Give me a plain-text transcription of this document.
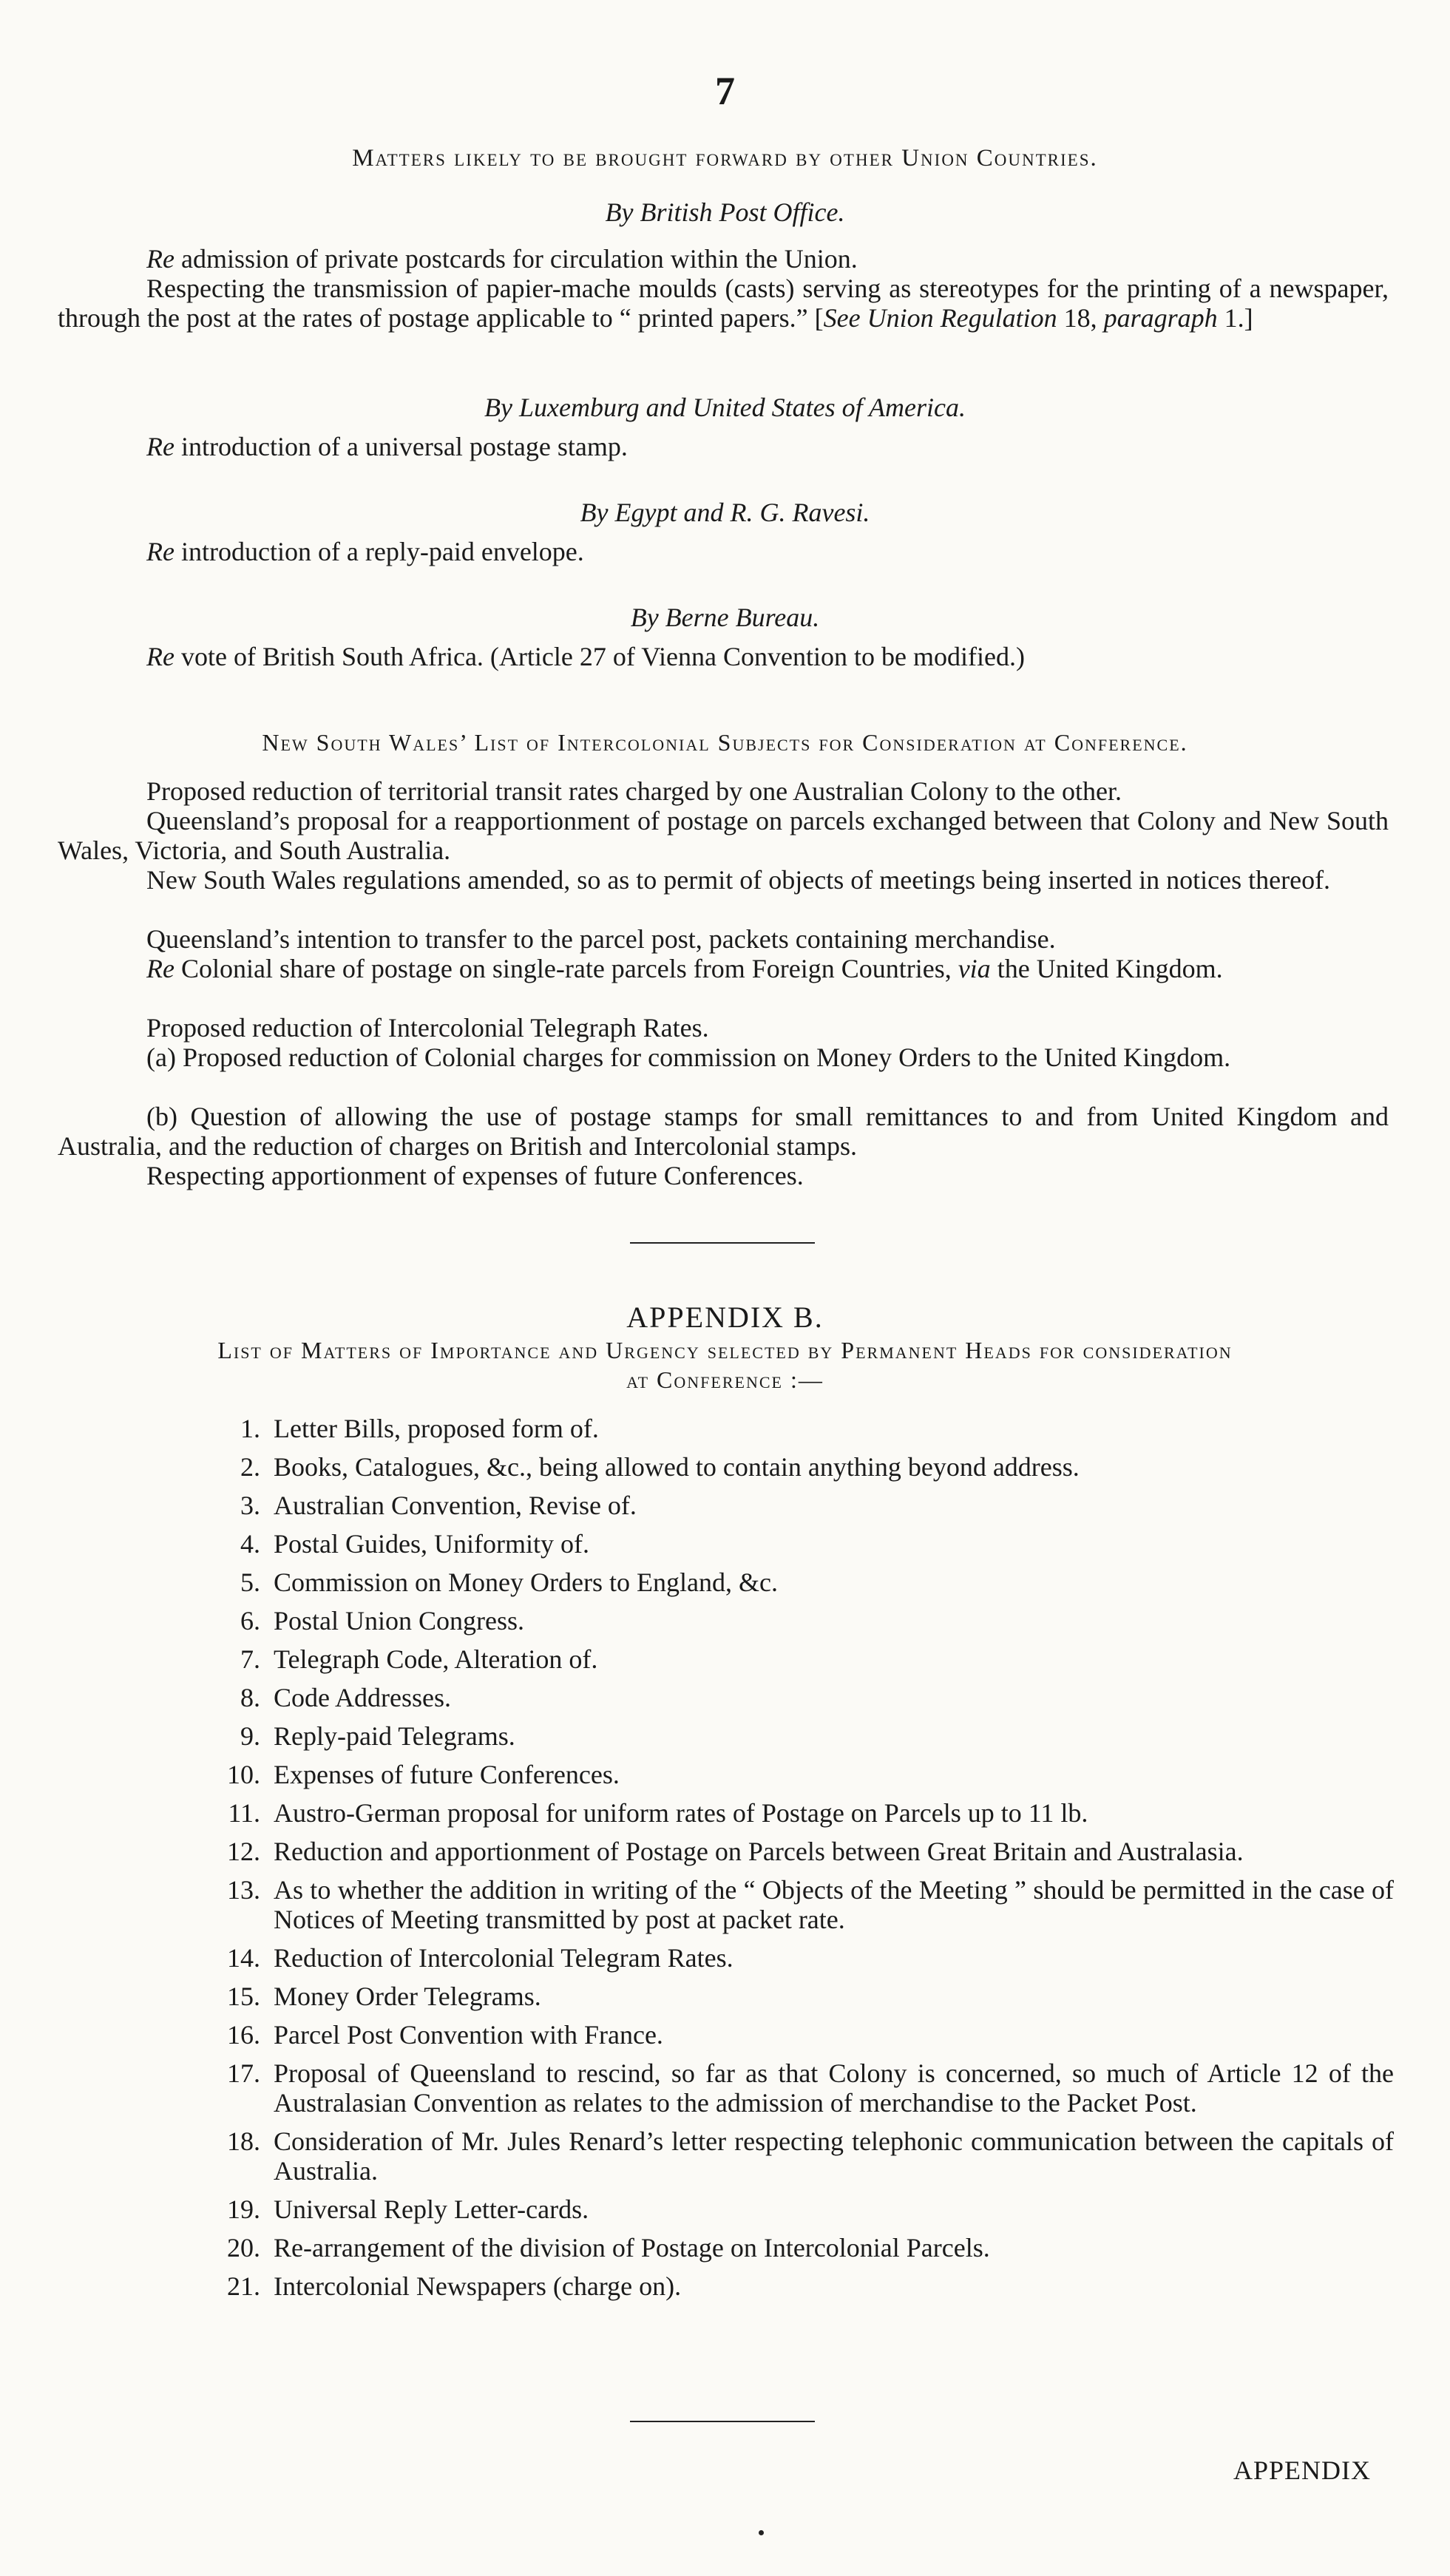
7
Matters likely to be brought forward by other Union Countries.
By British Post Office.
Re admission of private postcards for circulation within the Union.
Respecting the transmission of papier-mache moulds (casts) serving as stereotypes for the printing of a newspaper, through the post at the rates of postage applicable to “ printed papers.” [See Union Regulation 18, paragraph 1.]
By Luxemburg and United States of America.
Re introduction of a universal postage stamp.
By Egypt and R. G. Ravesi.
Re introduction of a reply-paid envelope.
By Berne Bureau.
Re vote of British South Africa. (Article 27 of Vienna Convention to be modified.)
New South Wales’ List of Intercolonial Subjects for Consideration at Conference.
Proposed reduction of territorial transit rates charged by one Australian Colony to the other.
Queensland’s proposal for a reapportionment of postage on parcels exchanged between that Colony and New South Wales, Victoria, and South Australia.
New South Wales regulations amended, so as to permit of objects of meetings being inserted in notices thereof.
Queensland’s intention to transfer to the parcel post, packets containing merchandise.
Re Colonial share of postage on single-rate parcels from Foreign Countries, via the United Kingdom.
Proposed reduction of Intercolonial Telegraph Rates.
(a) Proposed reduction of Colonial charges for commission on Money Orders to the United Kingdom.
(b) Question of allowing the use of postage stamps for small remittances to and from United Kingdom and Australia, and the reduction of charges on British and Intercolonial stamps.
Respecting apportionment of expenses of future Conferences.
APPENDIX B.
List of Matters of Importance and Urgency selected by Permanent Heads for consideration
at Conference :—
1. Letter Bills, proposed form of.
2. Books, Catalogues, &c., being allowed to contain anything beyond address.
3. Australian Convention, Revise of.
4. Postal Guides, Uniformity of.
5. Commission on Money Orders to England, &c.
6. Postal Union Congress.
7. Telegraph Code, Alteration of.
8. Code Addresses.
9. Reply-paid Telegrams.
10. Expenses of future Conferences.
11. Austro-German proposal for uniform rates of Postage on Parcels up to 11 lb.
12. Reduction and apportionment of Postage on Parcels between Great Britain and Australasia.
13. As to whether the addition in writing of the “ Objects of the Meeting ” should be permitted in the case of Notices of Meeting transmitted by post at packet rate.
14. Reduction of Intercolonial Telegram Rates.
15. Money Order Telegrams.
16. Parcel Post Convention with France.
17. Proposal of Queensland to rescind, so far as that Colony is concerned, so much of Article 12 of the Australasian Convention as relates to the admission of merchandise to the Packet Post.
18. Consideration of Mr. Jules Renard’s letter respecting telephonic communication between the capitals of Australia.
19. Universal Reply Letter-cards.
20. Re-arrangement of the division of Postage on Intercolonial Parcels.
21. Intercolonial Newspapers (charge on).
APPENDIX
